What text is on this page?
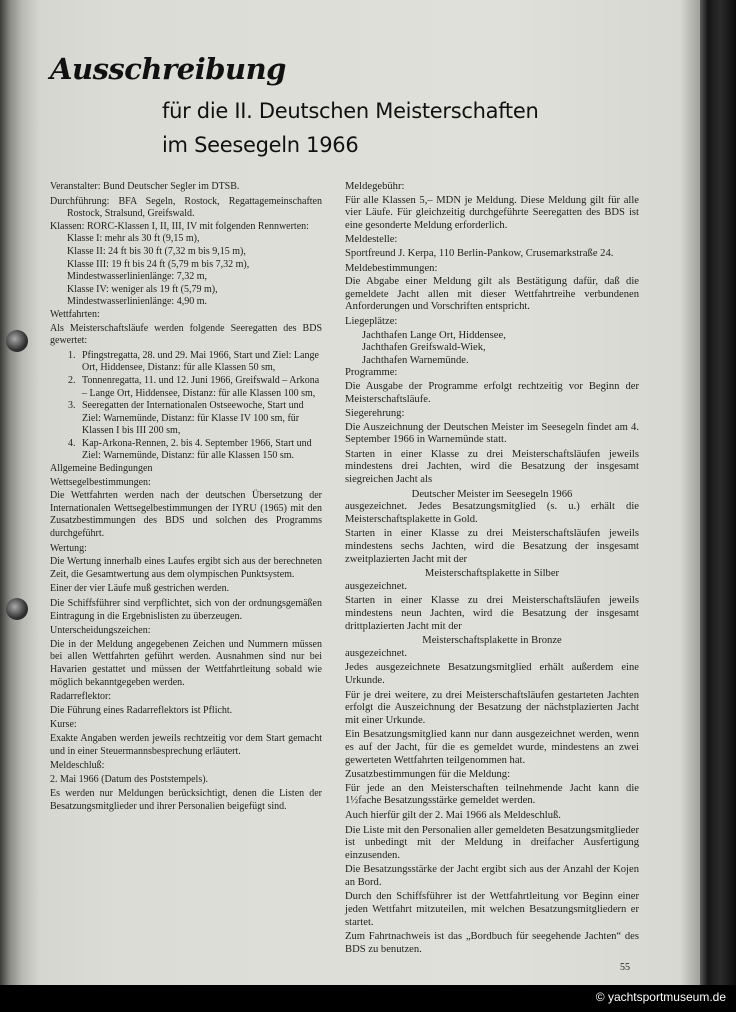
Ausschreibung
für die II. Deutschen Meisterschaften
im Seesegeln 1966
Veranstalter: Bund Deutscher Segler im DTSB.
Durchführung: BFA Segeln, Rostock, Regattagemeinschaften Rostock, Stralsund, Greifswald.
Klassen: RORC-Klassen I, II, III, IV mit folgenden Rennwerten:
Klasse I: mehr als 30 ft (9,15 m),
Klasse II: 24 ft bis 30 ft (7,32 m bis 9,15 m),
Klasse III: 19 ft bis 24 ft (5,79 m bis 7,32 m),
Mindestwasserlinienlänge: 7,32 m,
Klasse IV: weniger als 19 ft (5,79 m),
Mindestwasserlinienlänge: 4,90 m.
Wettfahrten:
Als Meisterschaftsläufe werden folgende Seeregatten des BDS gewertet:
1. Pfingstregatta, 28. und 29. Mai 1966, Start und Ziel: Lange Ort, Hiddensee, Distanz: für alle Klassen 50 sm,
2. Tonnenregatta, 11. und 12. Juni 1966, Greifswald – Arkona – Lange Ort, Hiddensee, Distanz: für alle Klassen 100 sm,
3. Seeregatten der Internationalen Ostseewoche, Start und Ziel: Warnemünde, Distanz: für Klasse IV 100 sm, für Klassen I bis III 200 sm,
4. Kap-Arkona-Rennen, 2. bis 4. September 1966, Start und Ziel: Warnemünde, Distanz: für alle Klassen 150 sm.
Allgemeine Bedingungen
Wettsegelbestimmungen:
Die Wettfahrten werden nach der deutschen Übersetzung der Internationalen Wettsegelbestimmungen der IYRU (1965) mit den Zusatzbestimmungen des BDS und solchen des Programms durchgeführt.
Wertung:
Die Wertung innerhalb eines Laufes ergibt sich aus der berechneten Zeit, die Gesamtwertung aus dem olympischen Punktsystem.
Einer der vier Läufe muß gestrichen werden.
Die Schiffsführer sind verpflichtet, sich von der ordnungsgemäßen Eintragung in die Ergebnislisten zu überzeugen.
Unterscheidungszeichen:
Die in der Meldung angegebenen Zeichen und Nummern müssen bei allen Wettfahrten geführt werden. Ausnahmen sind nur bei Havarien gestattet und müssen der Wettfahrtleitung sobald wie möglich bekanntgegeben werden.
Radarreflektor:
Die Führung eines Radarreflektors ist Pflicht.
Kurse:
Exakte Angaben werden jeweils rechtzeitig vor dem Start gemacht und in einer Steuermannsbesprechung erläutert.
Meldeschluß:
2. Mai 1966 (Datum des Poststempels).
Es werden nur Meldungen berücksichtigt, denen die Listen der Besatzungsmitglieder und ihrer Personalien beigefügt sind.
Meldegebühr:
Für alle Klassen 5,– MDN je Meldung. Diese Meldung gilt für alle vier Läufe. Für gleichzeitig durchgeführte Seeregatten des BDS ist eine gesonderte Meldung erforderlich.
Meldestelle:
Sportfreund J. Kerpa, 110 Berlin-Pankow, Crusemarkstraße 24.
Meldebestimmungen:
Die Abgabe einer Meldung gilt als Bestätigung dafür, daß die gemeldete Jacht allen mit dieser Wettfahrtreihe verbundenen Anforderungen und Vorschriften entspricht.
Liegeplätze:
Jachthafen Lange Ort, Hiddensee,
Jachthafen Greifswald-Wiek,
Jachthafen Warnemünde.
Programme:
Die Ausgabe der Programme erfolgt rechtzeitig vor Beginn der Meisterschaftsläufe.
Siegerehrung:
Die Auszeichnung der Deutschen Meister im Seesegeln findet am 4. September 1966 in Warnemünde statt.
Starten in einer Klasse zu drei Meisterschaftsläufen jeweils mindestens drei Jachten, wird die Besatzung der insgesamt siegreichen Jacht als
Deutscher Meister im Seesegeln 1966
ausgezeichnet. Jedes Besatzungsmitglied (s. u.) erhält die Meisterschaftsplakette in Gold.
Starten in einer Klasse zu drei Meisterschaftsläufen jeweils mindestens sechs Jachten, wird die Besatzung der insgesamt zweitplazierten Jacht mit der
Meisterschaftsplakette in Silber
ausgezeichnet.
Starten in einer Klasse zu drei Meisterschaftsläufen jeweils mindestens neun Jachten, wird die Besatzung der insgesamt drittplazierten Jacht mit der
Meisterschaftsplakette in Bronze
ausgezeichnet.
Jedes ausgezeichnete Besatzungsmitglied erhält außerdem eine Urkunde.
Für je drei weitere, zu drei Meisterschaftsläufen gestarteten Jachten erfolgt die Auszeichnung der Besatzung der nächstplazierten Jacht mit einer Urkunde.
Ein Besatzungsmitglied kann nur dann ausgezeichnet werden, wenn es auf der Jacht, für die es gemeldet wurde, mindestens an zwei gewerteten Wettfahrten teilgenommen hat.
Zusatzbestimmungen für die Meldung:
Für jede an den Meisterschaften teilnehmende Jacht kann die 1½fache Besatzungsstärke gemeldet werden.
Auch hierfür gilt der 2. Mai 1966 als Meldeschluß.
Die Liste mit den Personalien aller gemeldeten Besatzungsmitglieder ist unbedingt mit der Meldung in dreifacher Ausfertigung einzusenden.
Die Besatzungsstärke der Jacht ergibt sich aus der Anzahl der Kojen an Bord.
Durch den Schiffsführer ist der Wettfahrtleitung vor Beginn einer jeden Wettfahrt mitzuteilen, mit welchen Besatzungsmitgliedern er startet.
Zum Fahrtnachweis ist das „Bordbuch für seegehende Jachten“ des BDS zu benutzen.
55
© yachtsportmuseum.de
